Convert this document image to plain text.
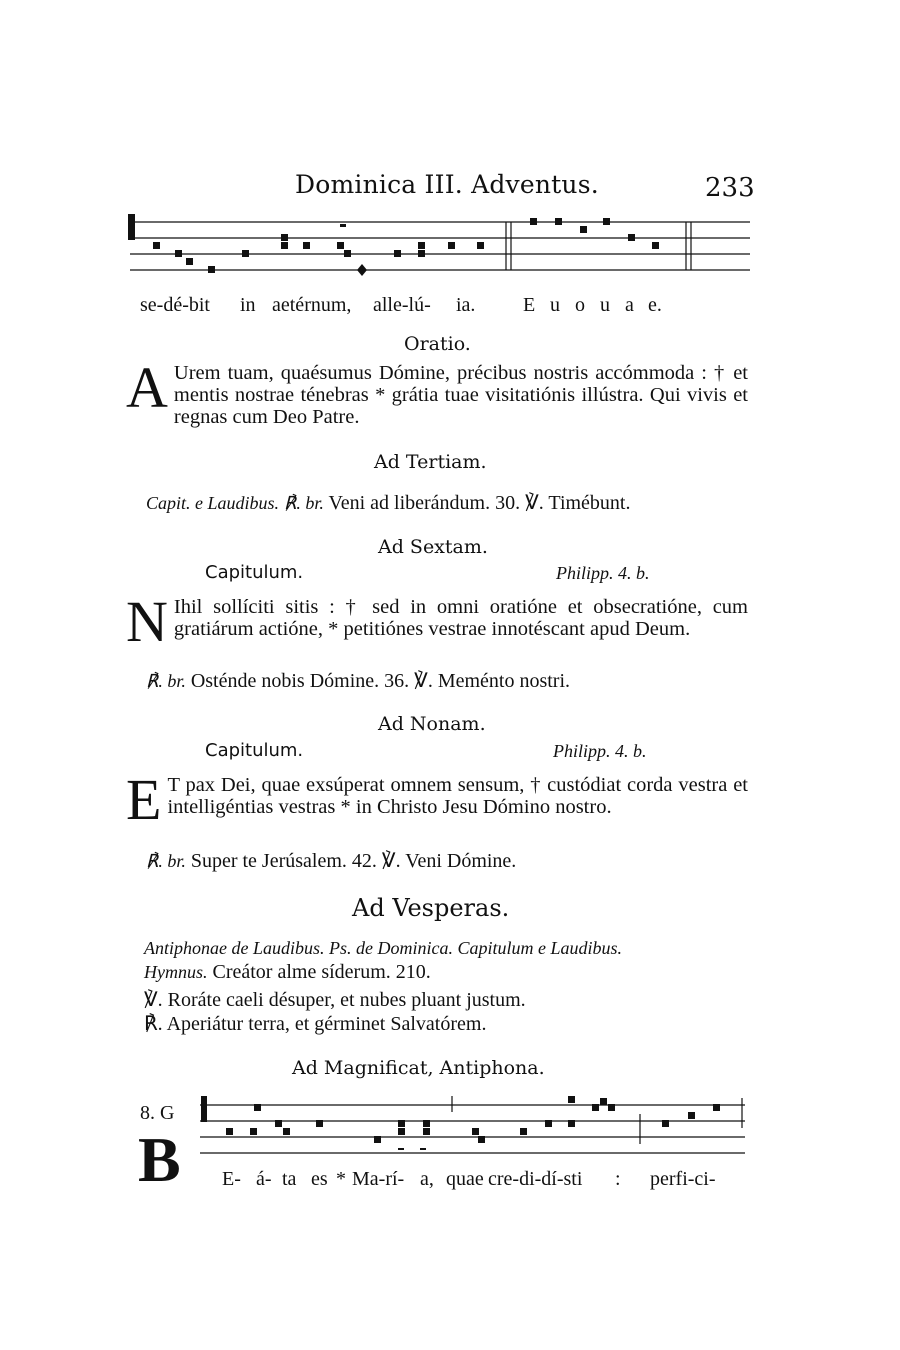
Dominica III. Adventus.	233
se-dé-bit in aetérnum, alle-lú- ia. E u o u a e.
Oratio.
A Urem tuam, quaésumus Dómine, précibus nostris accómmoda : † et mentis nostrae ténebras * grátia tuae visitatiónis illústra. Qui vivis et regnas cum Deo Patre.
Ad Tertiam.
Capit. e Laudibus. ℟. br. Veni ad liberándum. 30. ℣. Timébunt.
Ad Sextam.
Capitulum.	Philipp. 4. b.
N Ihil sollíciti sitis : † sed in omni oratióne et obsecratióne, cum gratiárum actióne, * petitiónes vestrae innotéscant apud Deum.
℟. br. Osténde nobis Dómine. 36. ℣. Meménto nostri.
Ad Nonam.
Capitulum.	Philipp. 4. b.
E T pax Dei, quae exsúperat omnem sensum, † custódiat corda vestra et intelligéntias vestras * in Christo Jesu Dómino nostro.
℟. br. Super te Jerúsalem. 42. ℣. Veni Dómine.
Ad Vesperas.
Antiphonae de Laudibus. Ps. de Dominica. Capitulum e Laudibus.
Hymnus. Creátor alme síderum. 210.
℣. Roráte caeli désuper, et nubes pluant justum.
℟. Aperiátur terra, et gérminet Salvatórem.
Ad Magnificat, Antiphona.
8. G
B E- á- ta es * Ma-rí- a, quae cre-di-dí-sti : perfi-ci-
